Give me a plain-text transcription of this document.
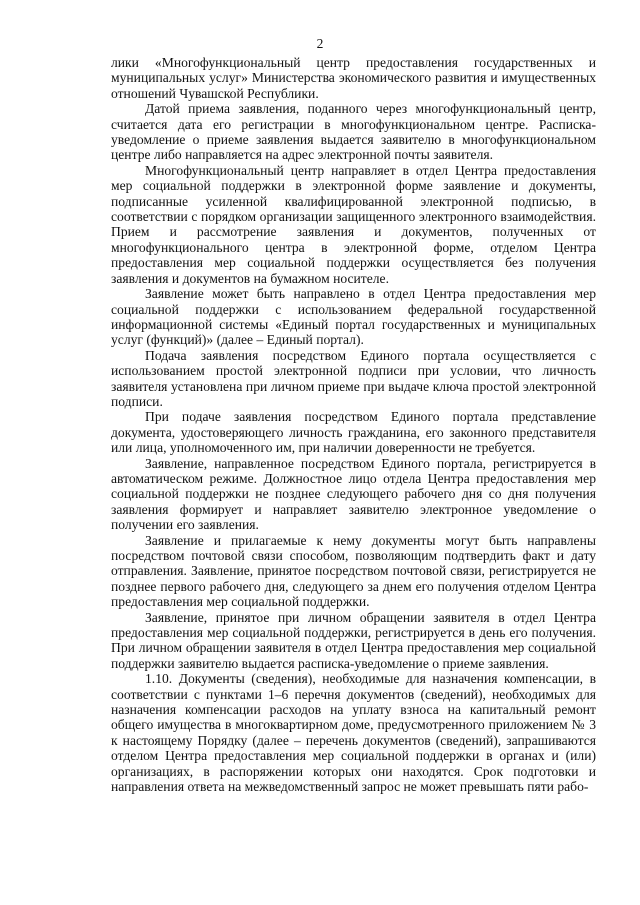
2

лики «Многофункциональный центр предоставления государственных и муниципальных услуг» Министерства экономического развития и имущественных отношений Чувашской Республики.

Датой приема заявления, поданного через многофункциональный центр, считается дата его регистрации в многофункциональном центре. Расписка-уведомление о приеме заявления выдается заявителю в многофункциональном центре либо направляется на адрес электронной почты заявителя.

Многофункциональный центр направляет в отдел Центра предоставления мер социальной поддержки в электронной форме заявление и документы, подписанные усиленной квалифицированной электронной подписью, в соответствии с порядком организации защищенного электронного взаимодействия. Прием и рассмотрение заявления и документов, полученных от многофункционального центра в электронной форме, отделом Центра предоставления мер социальной поддержки осуществляется без получения заявления и документов на бумажном носителе.

Заявление может быть направлено в отдел Центра предоставления мер социальной поддержки с использованием федеральной государственной информационной системы «Единый портал государственных и муниципальных услуг (функций)» (далее – Единый портал).

Подача заявления посредством Единого портала осуществляется с использованием простой электронной подписи при условии, что личность заявителя установлена при личном приеме при выдаче ключа простой электронной подписи.

При подаче заявления посредством Единого портала представление документа, удостоверяющего личность гражданина, его законного представителя или лица, уполномоченного им, при наличии доверенности не требуется.

Заявление, направленное посредством Единого портала, регистрируется в автоматическом режиме. Должностное лицо отдела Центра предоставления мер социальной поддержки не позднее следующего рабочего дня со дня получения заявления формирует и направляет заявителю электронное уведомление о получении его заявления.

Заявление и прилагаемые к нему документы могут быть направлены посредством почтовой связи способом, позволяющим подтвердить факт и дату отправления. Заявление, принятое посредством почтовой связи, регистрируется не позднее первого рабочего дня, следующего за днем его получения отделом Центра предоставления мер социальной поддержки.

Заявление, принятое при личном обращении заявителя в отдел Центра предоставления мер социальной поддержки, регистрируется в день его получения. При личном обращении заявителя в отдел Центра предоставления мер социальной поддержки заявителю выдается расписка-уведомление о приеме заявления.

1.10. Документы (сведения), необходимые для назначения компенсации, в соответствии с пунктами 1–6 перечня документов (сведений), необходимых для назначения компенсации расходов на уплату взноса на капитальный ремонт общего имущества в многоквартирном доме, предусмотренного приложением № 3 к настоящему Порядку (далее – перечень документов (сведений), запрашиваются отделом Центра предоставления мер социальной поддержки в органах и (или) организациях, в распоряжении которых они находятся. Срок подготовки и направления ответа на межведомственный запрос не может превышать пяти рабо-
